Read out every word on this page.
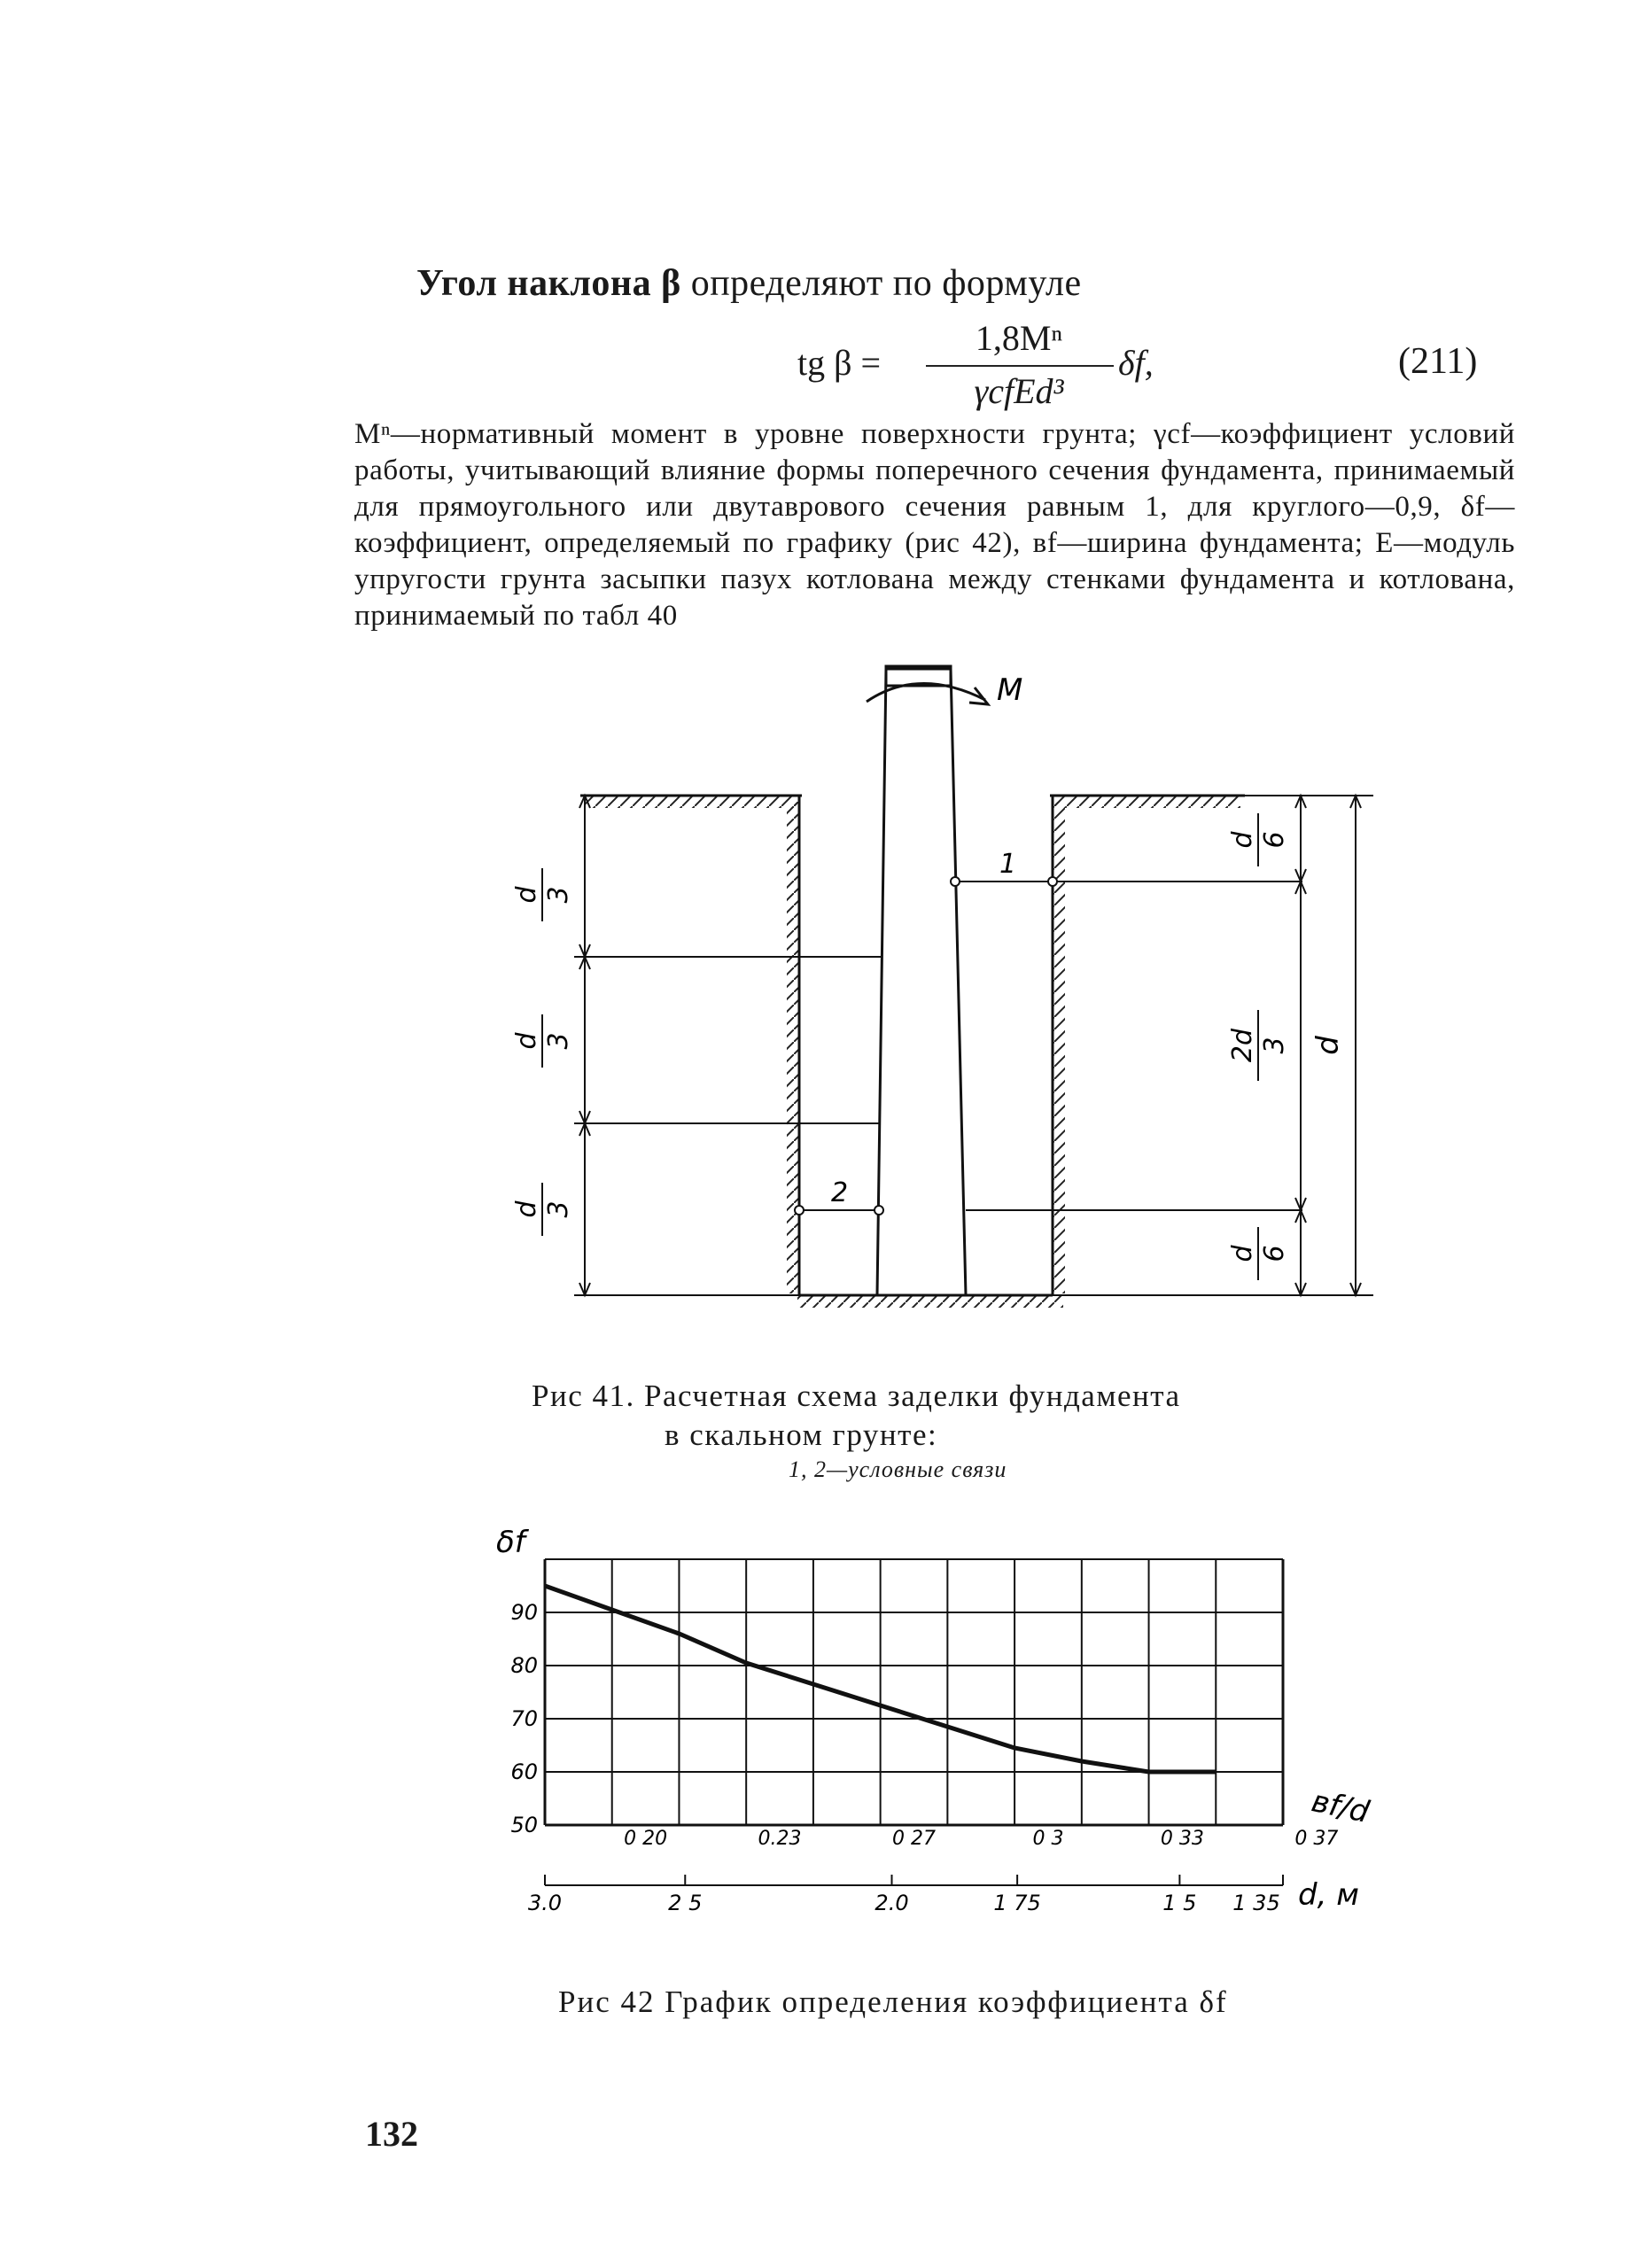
Угол наклона β определяют по формуле
tg β =
1,8Mⁿ
γcfEd³
δf,	(211)
Mⁿ—нормативный момент в уровне поверхности грунта; γcf—коэффициент условий работы, учитывающий влияние формы поперечного сечения фундамента, принимаемый для прямоугольного или двутаврового сечения равным 1, для круглого—0,9, δf—коэффициент, определяемый по графику (рис 42), вf—ширина фундамента; E—модуль упругости грунта засыпки пазух котлована между стенками фундамента и котлована, принимаемый по табл 40
M
1
2
d 3
d 3
d 3
d 6
2d 3
d 6
d
Рис 41. Расчетная схема заделки фундамента
в скальном грунте:
1, 2—условные связи
90
80
70
60
50
0 20	0.23	0 27	0 3	0 33	0 37
3.0	2 5	2.0	1 75	1 5 1 35
δf
вf/d
d, м
Рис 42 График определения коэффициента δf
132
